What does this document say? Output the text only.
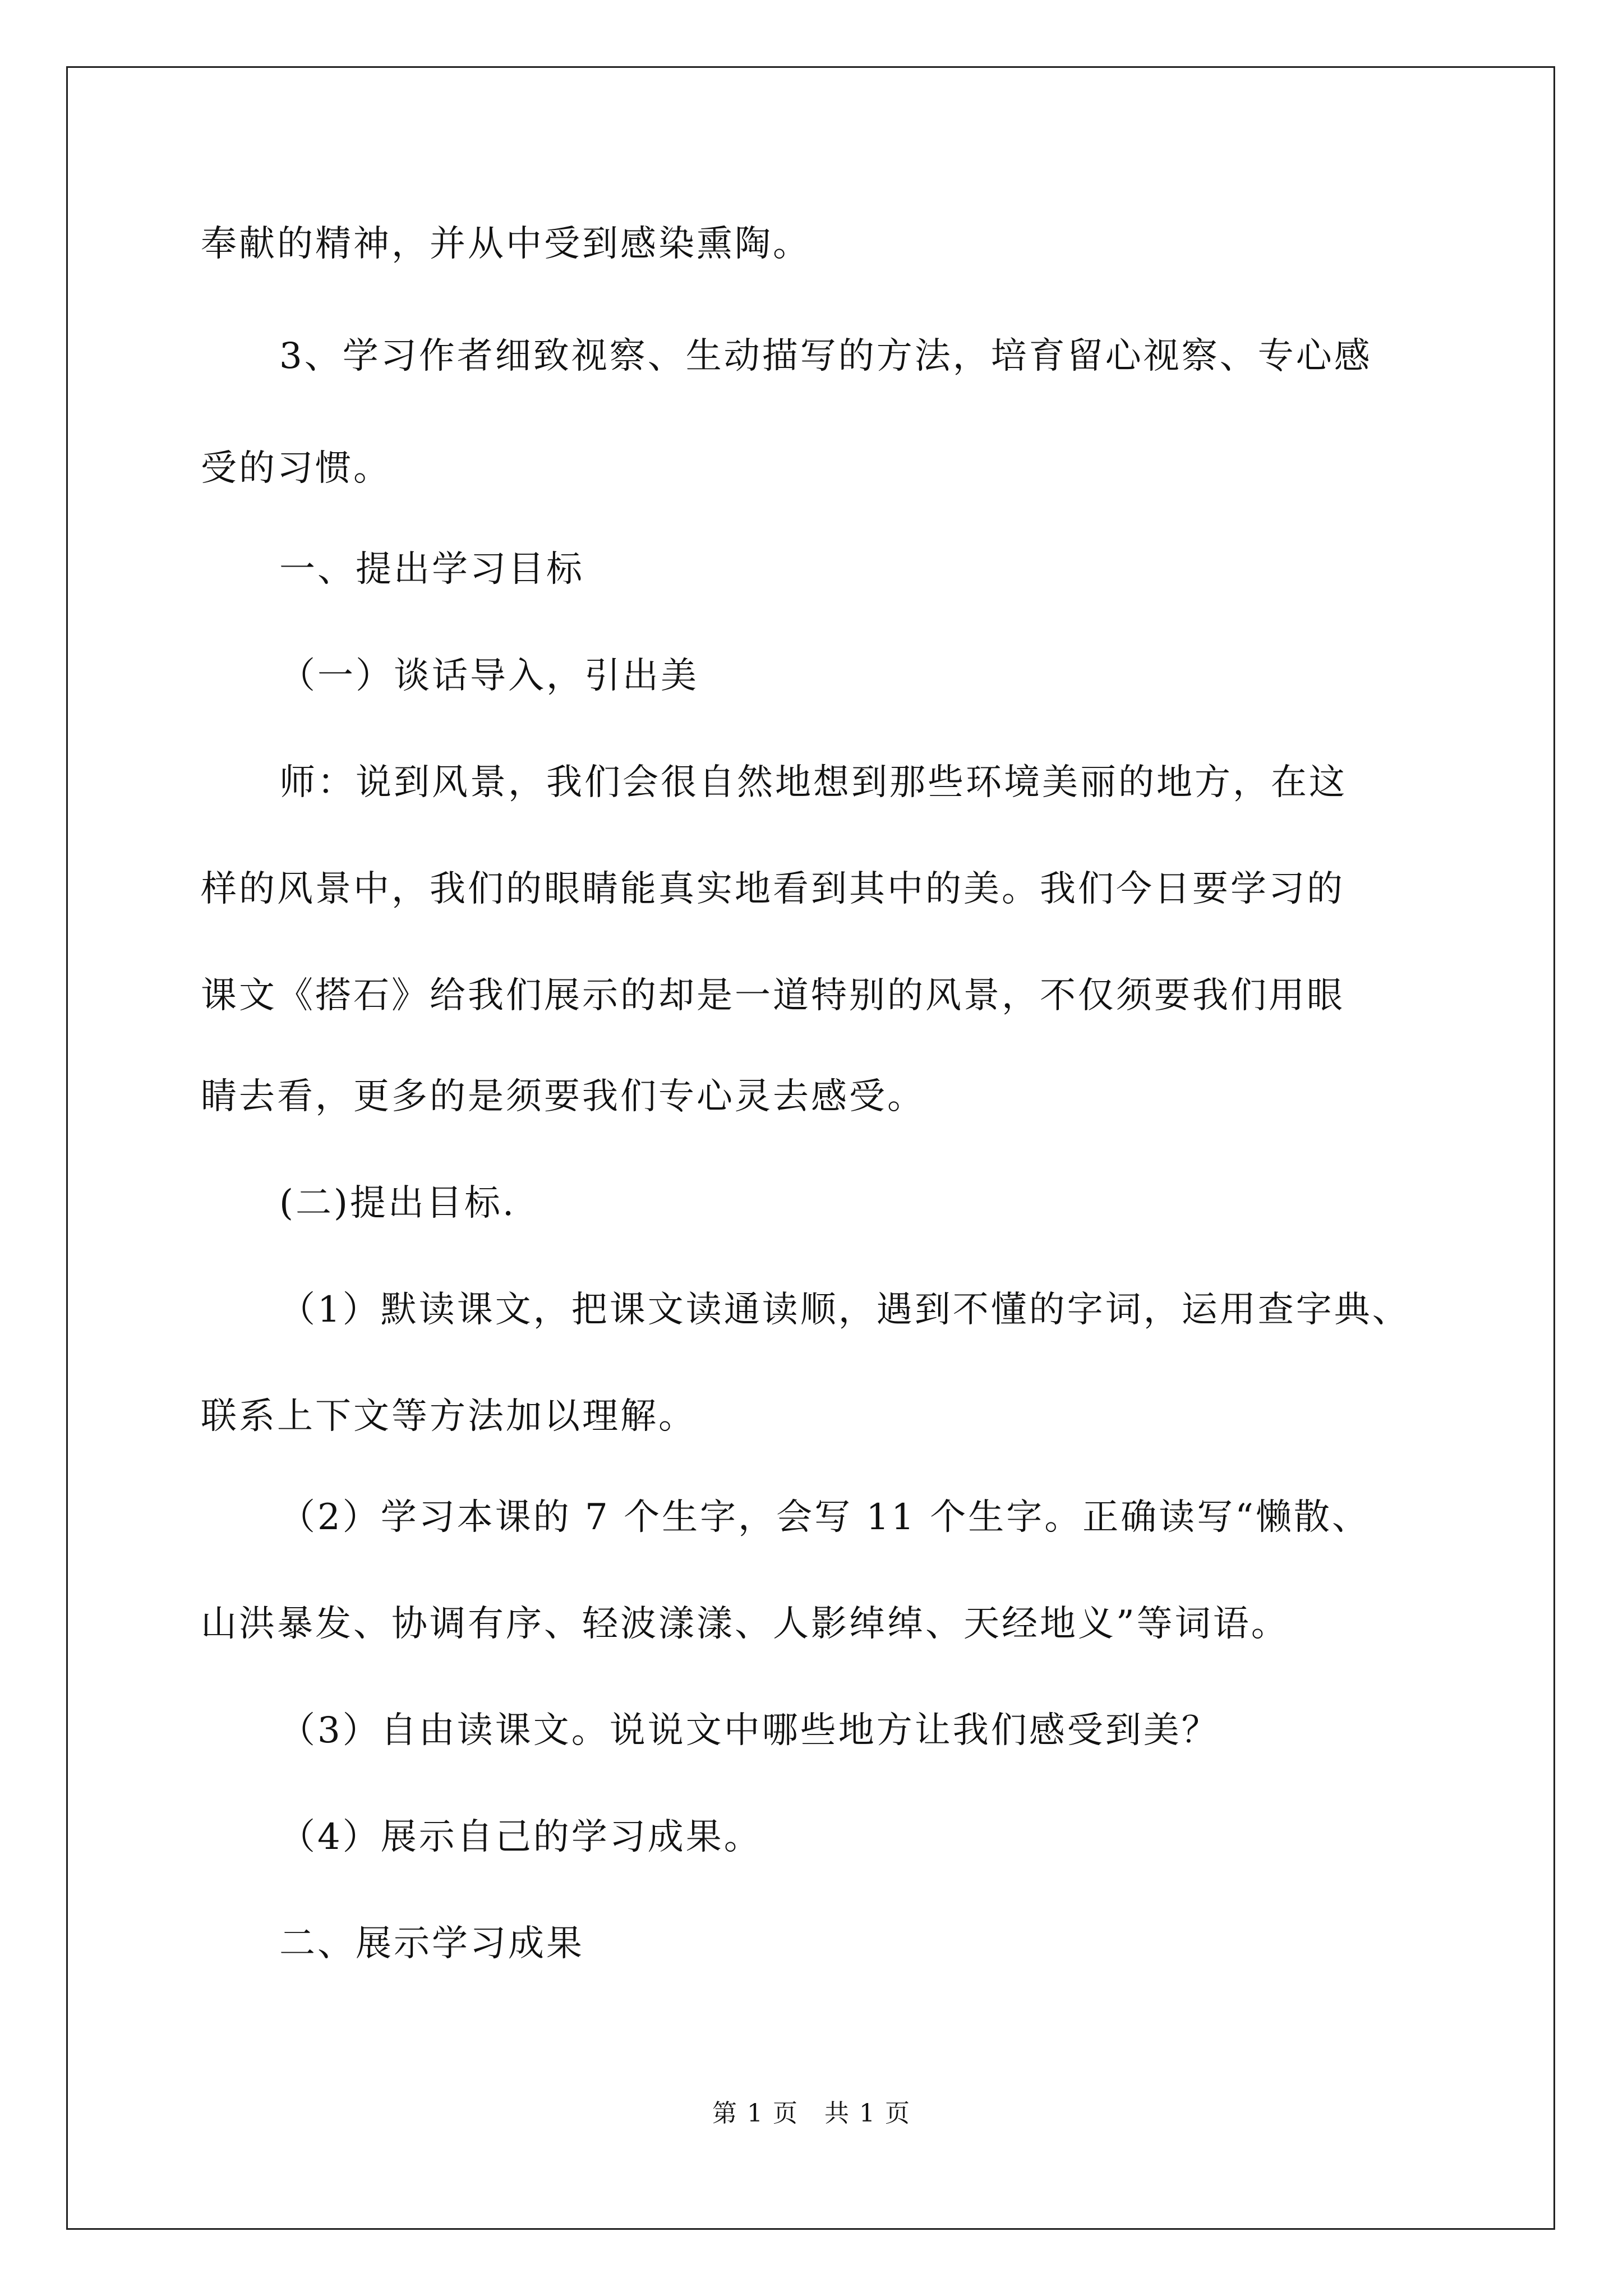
奉献的精神，并从中受到感染熏陶。
3、学习作者细致视察、生动描写的方法，培育留心视察、专心感
受的习惯。
一、提出学习目标
（一）谈话导入，引出美
师：说到风景，我们会很自然地想到那些环境美丽的地方，在这
样的风景中，我们的眼睛能真实地看到其中的美。我们今日要学习的
课文《搭石》给我们展示的却是一道特别的风景，不仅须要我们用眼
睛去看，更多的是须要我们专心灵去感受。
(二)提出目标.
（1）默读课文，把课文读通读顺，遇到不懂的字词，运用查字典、
联系上下文等方法加以理解。
（2）学习本课的 7 个生字，会写 11 个生字。正确读写“懒散、
山洪暴发、协调有序、轻波漾漾、人影绰绰、天经地义”等词语。
（3）自由读课文。说说文中哪些地方让我们感受到美？
（4）展示自己的学习成果。
二、展示学习成果
第 1 页　共 1 页
